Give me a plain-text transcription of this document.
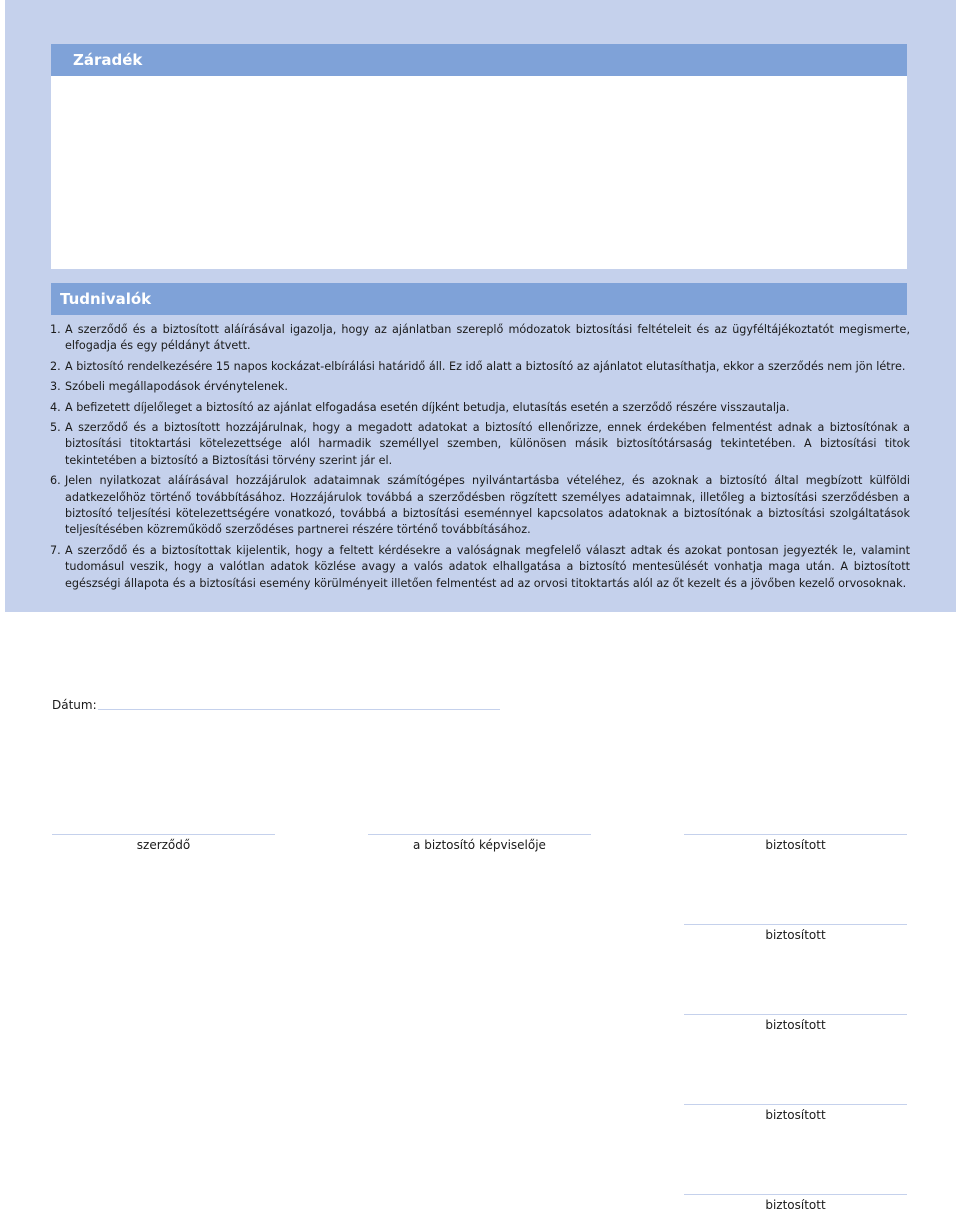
Záradék
Tudnivalók
1. A szerződő és a biztosított aláírásával igazolja, hogy az ajánlatban szereplő módozatok biztosítási feltételeit és az ügyféltájékoztatót megismerte, elfogadja és egy példányt átvett.
2. A biztosító rendelkezésére 15 napos kockázat-elbírálási határidő áll. Ez idő alatt a biztosító az ajánlatot elutasíthatja, ekkor a szerződés nem jön létre.
3. Szóbeli megállapodások érvénytelenek.
4. A befizetett díjelőleget a biztosító az ajánlat elfogadása esetén díjként betudja, elutasítás esetén a szerződő részére visszautalja.
5. A szerződő és a biztosított hozzájárulnak, hogy a megadott adatokat a biztosító ellenőrizze, ennek érdekében felmentést adnak a biztosítónak a biztosítási titoktartási kötelezettsége alól harmadik személlyel szemben, különösen másik biztosítótársaság tekintetében. A biztosítási titok tekintetében a biztosító a Biztosítási törvény szerint jár el.
6. Jelen nyilatkozat aláírásával hozzájárulok adataimnak számítógépes nyilvántartásba vételéhez, és azoknak a biztosító által megbízott külföldi adatkezelőhöz történő továbbításához. Hozzájárulok továbbá a szerződésben rögzített személyes adataimnak, illetőleg a biztosítási szerződésben a biztosító teljesítési kötelezettségére vonatkozó, továbbá a biztosítási eseménnyel kapcsolatos adatoknak a biztosítónak a biztosítási szolgáltatások teljesítésében közreműködő szerződéses partnerei részére történő továbbításához.
7. A szerződő és a biztosítottak kijelentik, hogy a feltett kérdésekre a valóságnak megfelelő választ adtak és azokat pontosan jegyezték le, valamint tudomásul veszik, hogy a valótlan adatok közlése avagy a valós adatok elhallgatása a biztosító mentesülését vonhatja maga után. A biztosított egészségi állapota és a biztosítási esemény körülményeit illetően felmentést ad az orvosi titoktartás alól az őt kezelt és a jövőben kezelő orvosoknak.
Dátum:
szerződő	a biztosító képviselője	biztosított
biztosított
biztosított
biztosított
biztosított
